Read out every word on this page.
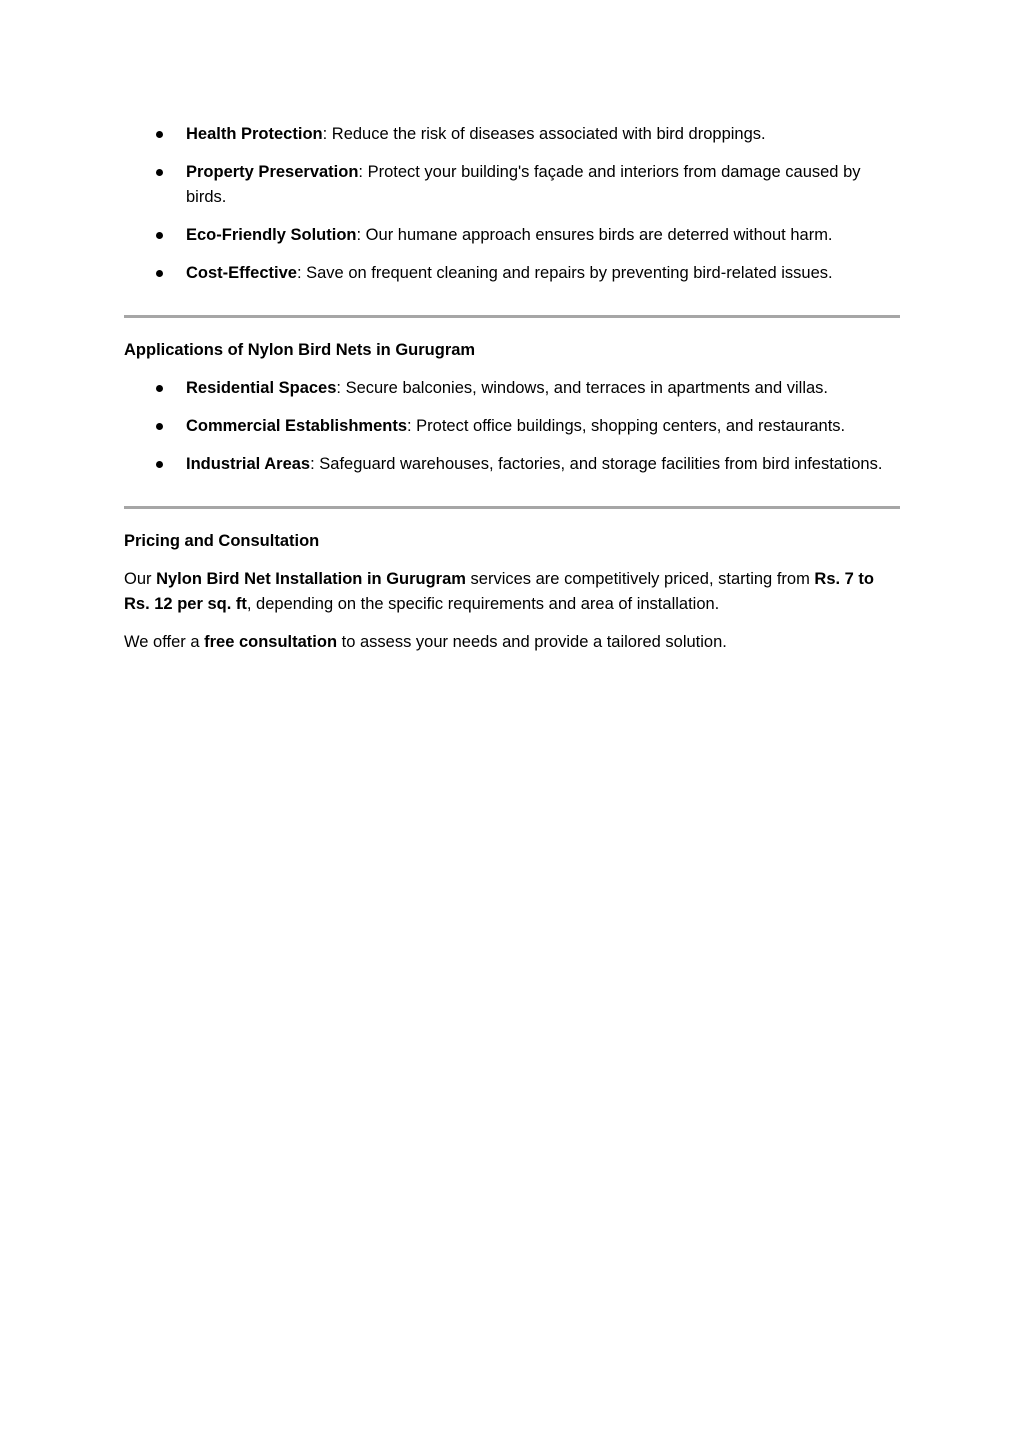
Health Protection: Reduce the risk of diseases associated with bird droppings.
Property Preservation: Protect your building's façade and interiors from damage caused by birds.
Eco-Friendly Solution: Our humane approach ensures birds are deterred without harm.
Cost-Effective: Save on frequent cleaning and repairs by preventing bird-related issues.
Applications of Nylon Bird Nets in Gurugram
Residential Spaces: Secure balconies, windows, and terraces in apartments and villas.
Commercial Establishments: Protect office buildings, shopping centers, and restaurants.
Industrial Areas: Safeguard warehouses, factories, and storage facilities from bird infestations.
Pricing and Consultation

Our Nylon Bird Net Installation in Gurugram services are competitively priced, starting from Rs. 7 to Rs. 12 per sq. ft, depending on the specific requirements and area of installation.

We offer a free consultation to assess your needs and provide a tailored solution.
